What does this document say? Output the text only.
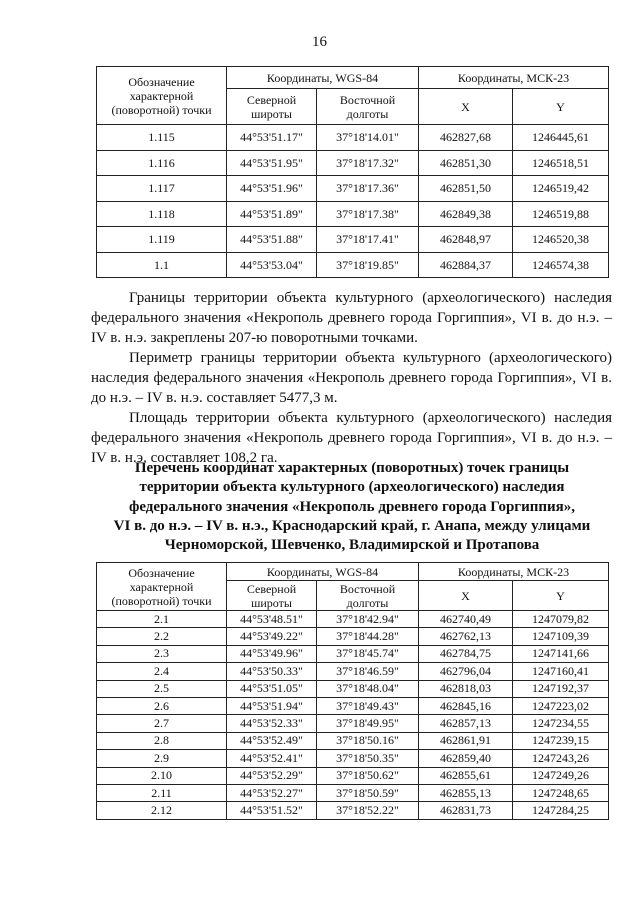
16
Обозначение характерной (поворотной) точки	Координаты, WGS-84		Координаты, МСК-23	
	Северной широты	Восточной долготы	X	Y
1.115	44°53'51.17"	37°18'14.01"	462827,68	1246445,61
1.116	44°53'51.95"	37°18'17.32"	462851,30	1246518,51
1.117	44°53'51.96"	37°18'17.36"	462851,50	1246519,42
1.118	44°53'51.89"	37°18'17.38"	462849,38	1246519,88
1.119	44°53'51.88"	37°18'17.41"	462848,97	1246520,38
1.1	44°53'53.04"	37°18'19.85"	462884,37	1246574,38

Границы территории объекта культурного (археологического) наследия федерального значения «Некрополь древнего города Горгиппия», VI в. до н.э. – IV в. н.э. закреплены 207-ю поворотными точками.

Периметр границы территории объекта культурного (археологического) наследия федерального значения «Некрополь древнего города Горгиппия», VI в. до н.э. – IV в. н.э. составляет 5477,3 м.

Площадь территории объекта культурного (археологического) наследия федерального значения «Некрополь древнего города Горгиппия», VI в. до н.э. – IV в. н.э. составляет 108,2 га.

Перечень координат характерных (поворотных) точек границы
территории объекта культурного (археологического) наследия
федерального значения «Некрополь древнего города Горгиппия»,
VI в. до н.э. – IV в. н.э., Краснодарский край, г. Анапа, между улицами
Черноморской, Шевченко, Владимирской и Протапова
Обозначение характерной (поворотной) точки	Координаты, WGS-84		Координаты, МСК-23	
	Северной широты	Восточной долготы	X	Y
2.1	44°53'48.51"	37°18'42.94"	462740,49	1247079,82
2.2	44°53'49.22"	37°18'44.28"	462762,13	1247109,39
2.3	44°53'49.96"	37°18'45.74"	462784,75	1247141,66
2.4	44°53'50.33"	37°18'46.59"	462796,04	1247160,41
2.5	44°53'51.05"	37°18'48.04"	462818,03	1247192,37
2.6	44°53'51.94"	37°18'49.43"	462845,16	1247223,02
2.7	44°53'52.33"	37°18'49.95"	462857,13	1247234,55
2.8	44°53'52.49"	37°18'50.16"	462861,91	1247239,15
2.9	44°53'52.41"	37°18'50.35"	462859,40	1247243,26
2.10	44°53'52.29"	37°18'50.62"	462855,61	1247249,26
2.11	44°53'52.27"	37°18'50.59"	462855,13	1247248,65
2.12	44°53'51.52"	37°18'52.22"	462831,73	1247284,25
